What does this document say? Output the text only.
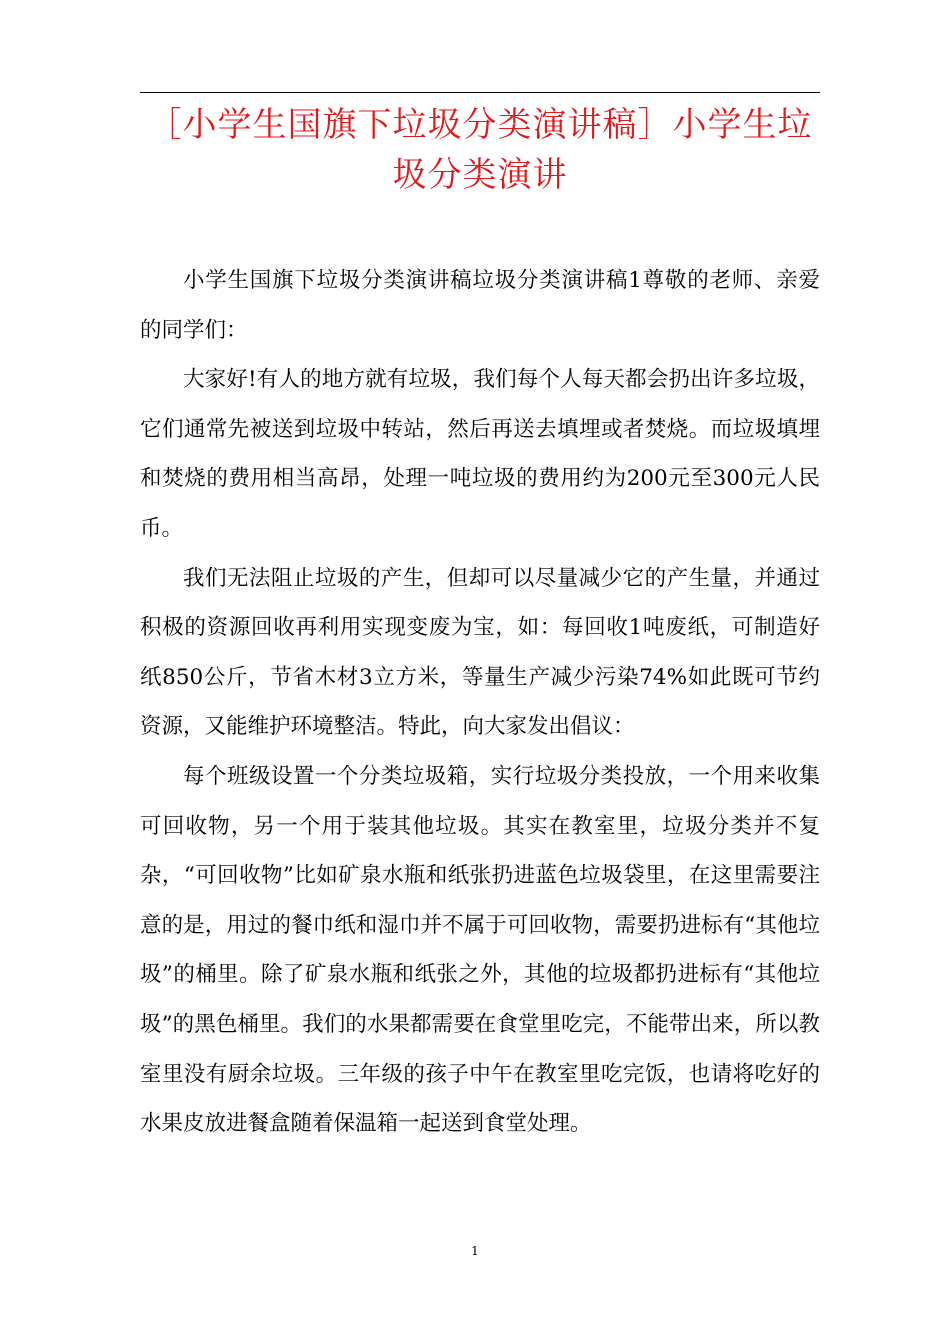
［小学生国旗下垃圾分类演讲稿］小学生垃圾分类演讲

小学生国旗下垃圾分类演讲稿垃圾分类演讲稿1尊敬的老师、亲爱的同学们：

大家好!有人的地方就有垃圾，我们每个人每天都会扔出许多垃圾，它们通常先被送到垃圾中转站，然后再送去填埋或者焚烧。而垃圾填埋和焚烧的费用相当高昂，处理一吨垃圾的费用约为200元至300元人民币。

我们无法阻止垃圾的产生，但却可以尽量减少它的产生量，并通过积极的资源回收再利用实现变废为宝，如：每回收1吨废纸，可制造好纸850公斤，节省木材3立方米，等量生产减少污染74%如此既可节约资源，又能维护环境整洁。特此，向大家发出倡议：

每个班级设置一个分类垃圾箱，实行垃圾分类投放，一个用来收集可回收物，另一个用于装其他垃圾。其实在教室里，垃圾分类并不复杂，“可回收物”比如矿泉水瓶和纸张扔进蓝色垃圾袋里，在这里需要注意的是，用过的餐巾纸和湿巾并不属于可回收物，需要扔进标有“其他垃圾”的桶里。除了矿泉水瓶和纸张之外，其他的垃圾都扔进标有“其他垃圾”的黑色桶里。我们的水果都需要在食堂里吃完，不能带出来，所以教室里没有厨余垃圾。三年级的孩子中午在教室里吃完饭，也请将吃好的水果皮放进餐盒随着保温箱一起送到食堂处理。

1
